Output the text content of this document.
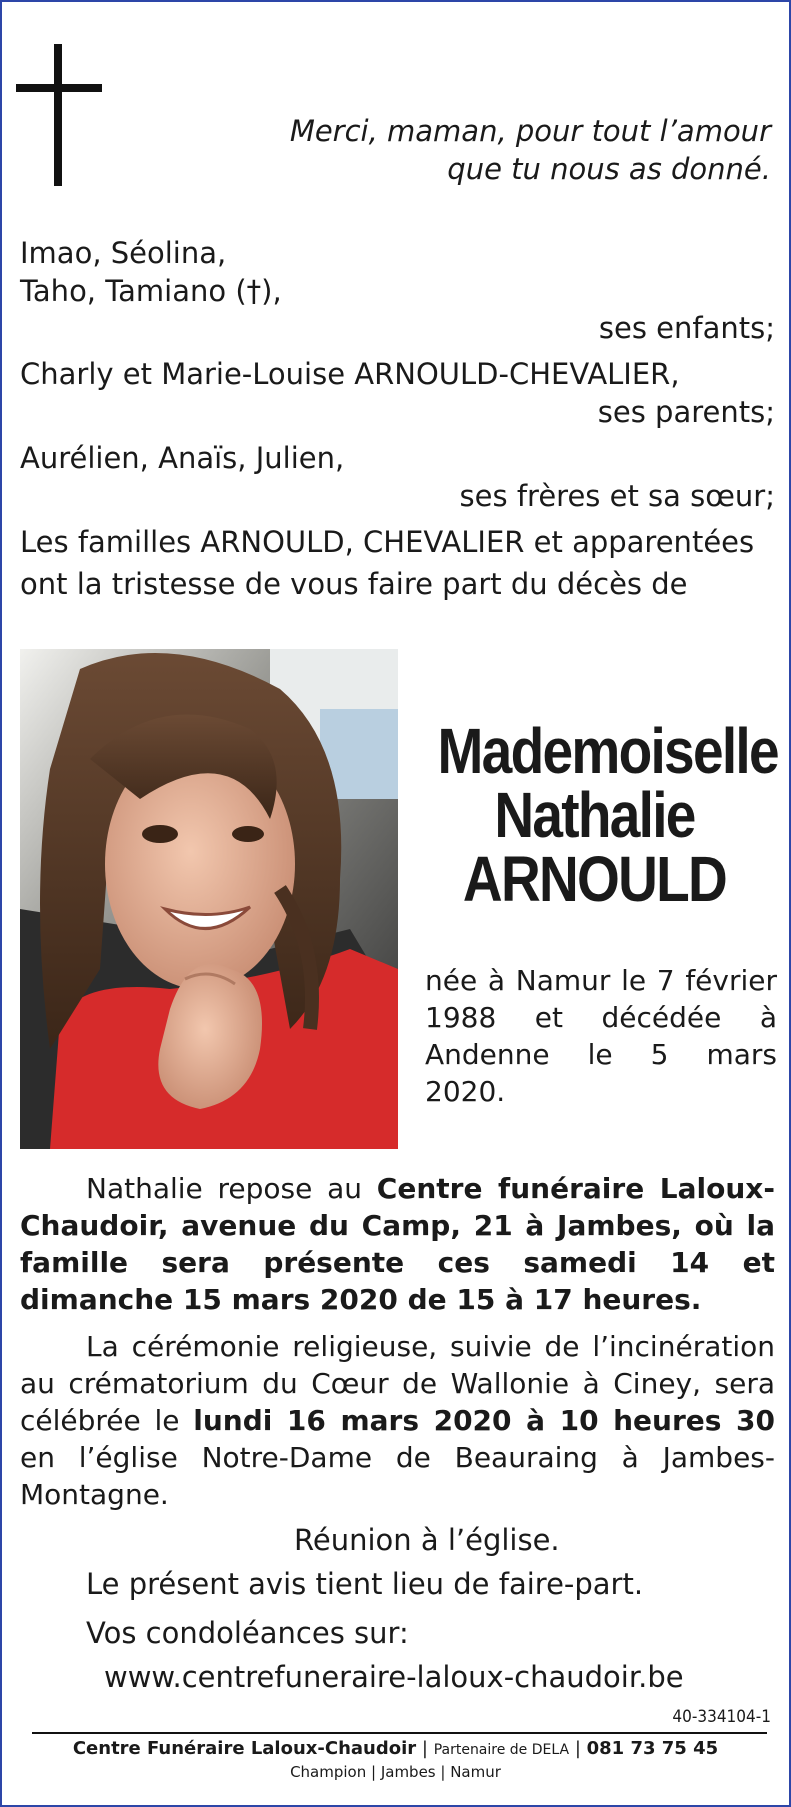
Merci, maman, pour tout l’amour
que tu nous as donné.
Imao, Séolina,
Taho, Tamiano (†),
ses enfants;
Charly et Marie-Louise ARNOULD-CHEVALIER,
ses parents;
Aurélien, Anaïs, Julien,
ses frères et sa sœur;
Les familles ARNOULD, CHEVALIER et apparentées
ont la tristesse de vous faire part du décès de
Mademoiselle
Nathalie
ARNOULD
née à Namur le 7 février 1988 et décédée à Andenne le 5 mars 2020.
Nathalie repose au Centre funéraire Laloux-Chaudoir, avenue du Camp, 21 à Jambes, où la famille sera présente ces samedi 14 et dimanche 15 mars 2020 de 15 à 17 heures.
La cérémonie religieuse, suivie de l’incinération au crématorium du Cœur de Wallonie à Ciney, sera célébrée le lundi 16 mars 2020 à 10 heures 30 en l’église Notre-Dame de Beauraing à Jambes-Montagne.
Réunion à l’église.
Le présent avis tient lieu de faire-part.
Vos condoléances sur:
www.centrefuneraire-laloux-chaudoir.be
40-334104-1
Centre Funéraire Laloux-Chaudoir | Partenaire de DELA | 081 73 75 45
Champion | Jambes | Namur
